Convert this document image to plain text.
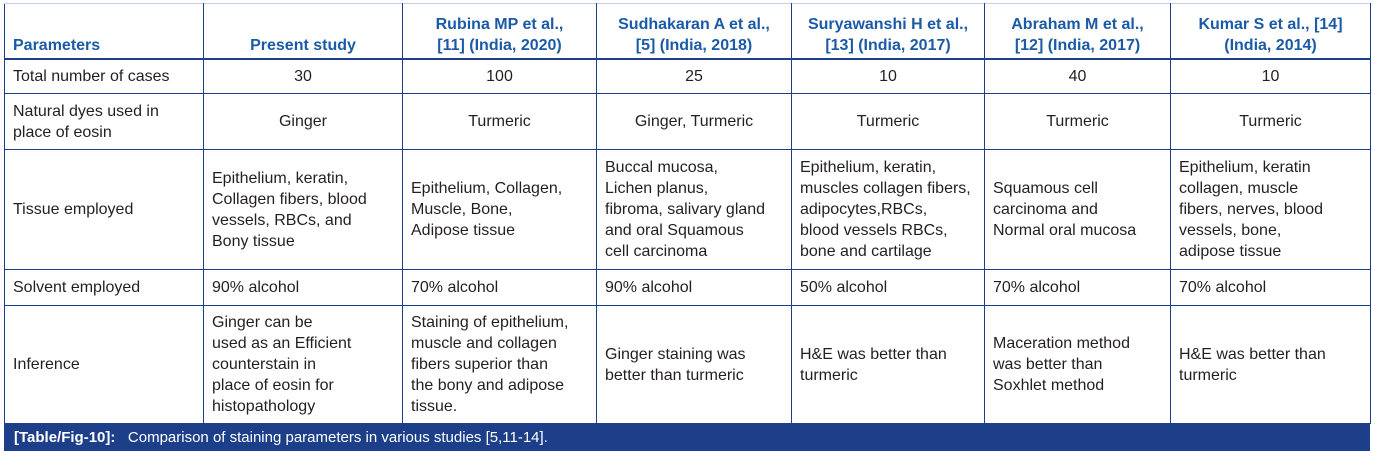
Parameters	Present study	Rubina MP et al.,
[11] (India, 2020)	Sudhakaran A et al.,
[5] (India, 2018)	Suryawanshi H et al.,
[13] (India, 2017)	Abraham M et al.,
[12] (India, 2017)	Kumar S et al., [14]
(India, 2014)

Total number of cases	30	100	25	10	40	10

Natural dyes used in
place of eosin	Ginger	Turmeric	Ginger, Turmeric	Turmeric	Turmeric	Turmeric
Tissue employed	Epithelium, keratin,
Collagen fibers, blood
vessels, RBCs, and
Bony tissue	Epithelium, Collagen,
Muscle, Bone,
Adipose tissue	Buccal mucosa,
Lichen planus,
fibroma, salivary gland
and oral Squamous
cell carcinoma	Epithelium, keratin,
muscles collagen fibers,
adipocytes,RBCs,
blood vessels RBCs,
bone and cartilage	Squamous cell
carcinoma and
Normal oral mucosa	Epithelium, keratin
collagen, muscle
fibers, nerves, blood
vessels, bone,
adipose tissue

Solvent employed	90% alcohol	70% alcohol	90% alcohol	50% alcohol	70% alcohol	70% alcohol
Inference	Ginger can be
used as an Efficient
counterstain in
place of eosin for
histopathology	Staining of epithelium,
muscle and collagen
fibers superior than
the bony and adipose
tissue.	Ginger staining was
better than turmeric	H&E was better than
turmeric	Maceration method
was better than
Soxhlet method	H&E was better than
turmeric
[Table/Fig-10]: Comparison of staining parameters in various studies [5,11-14].
